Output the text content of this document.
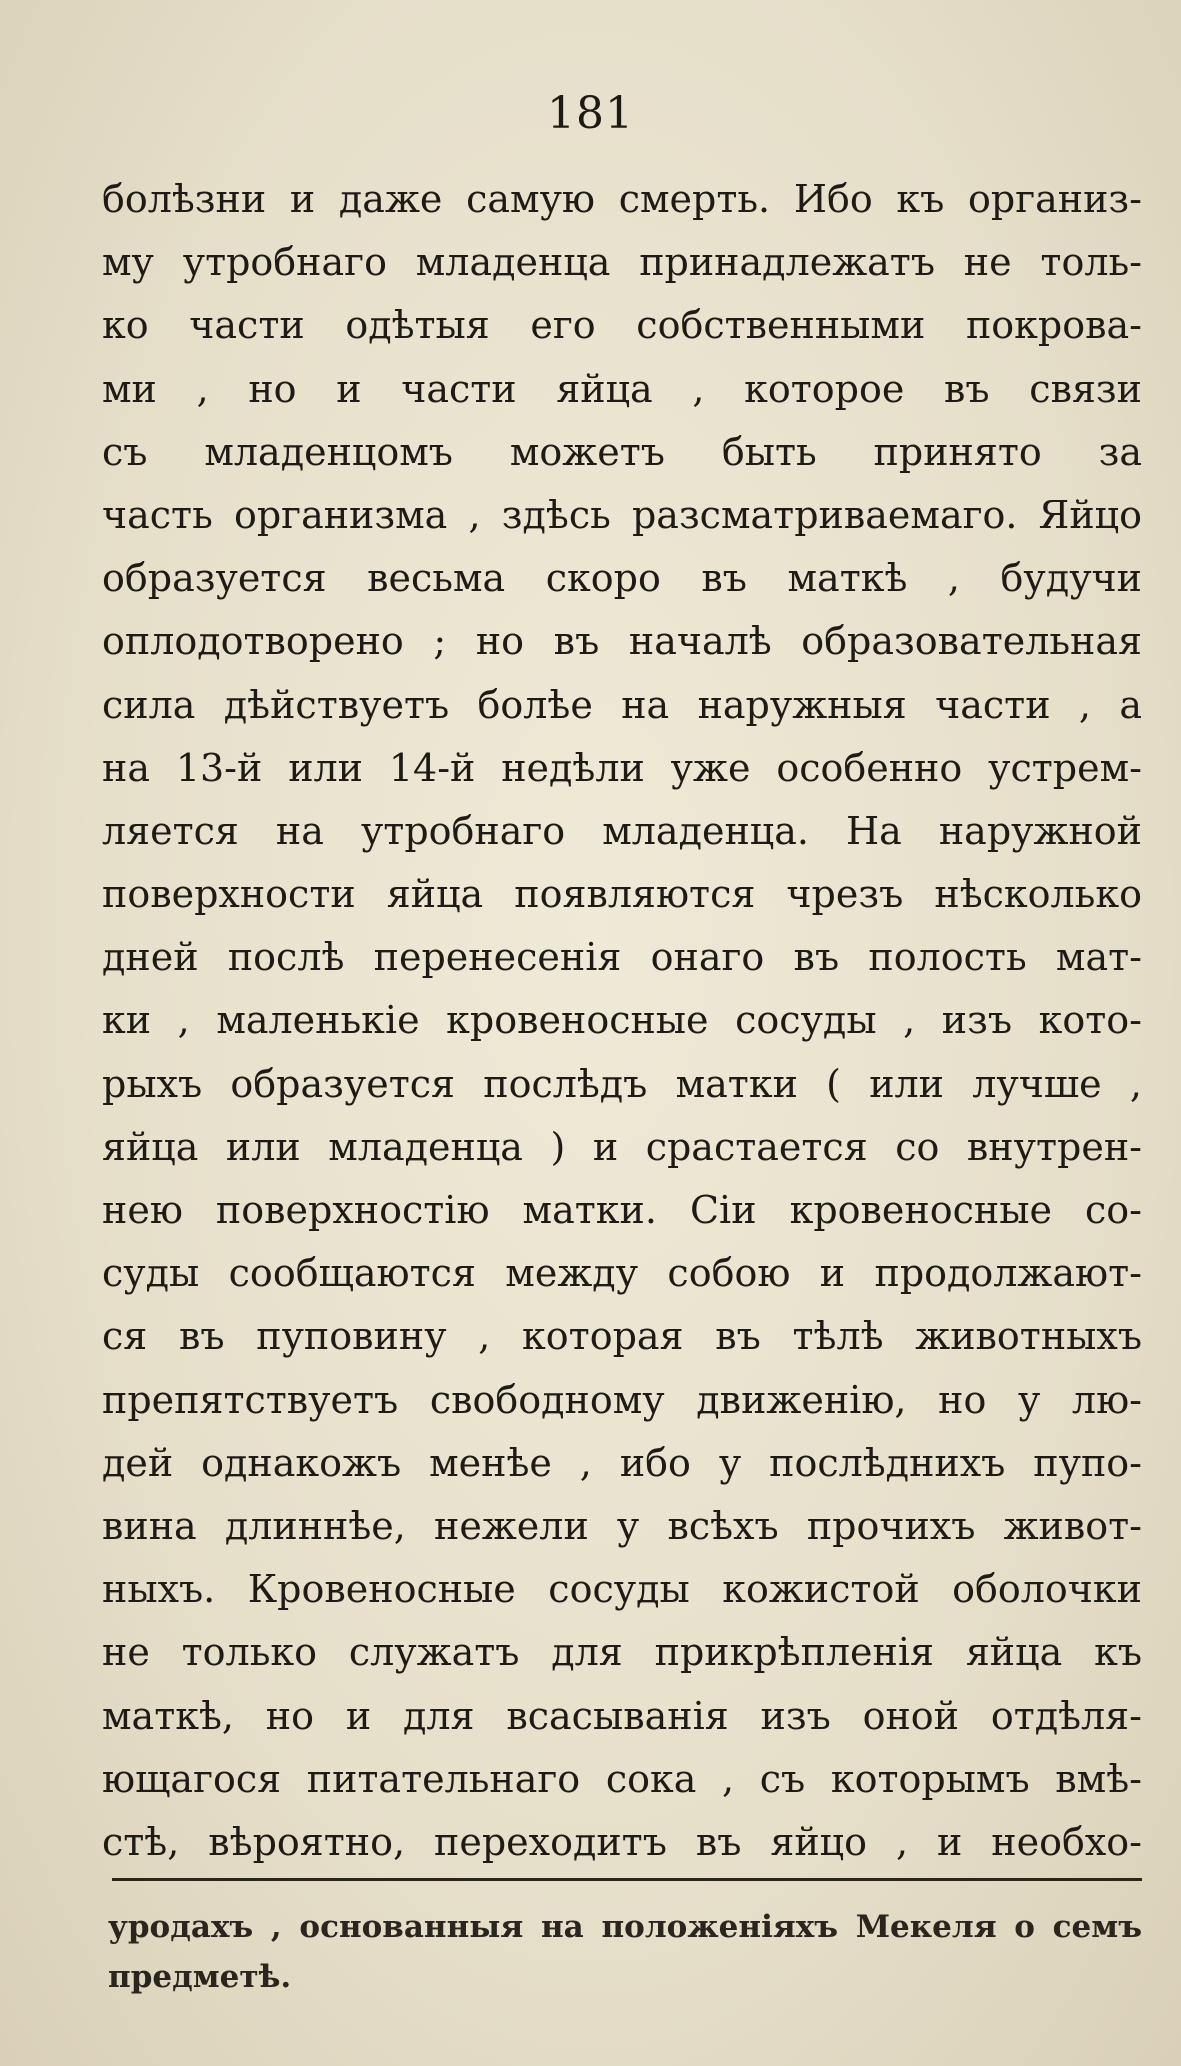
181
болѣзни и даже самую смерть. Ибо къ организ-
му утробнаго младенца принадлежатъ не толь-
ко части одѣтыя его собственными покрова-
ми , но и части яйца , которое въ связи
съ младенцомъ можетъ быть принято за
часть организма , здѣсь разсматриваемаго. Яйцо
образуется весьма скоро въ маткѣ , будучи
оплодотворено ; но въ началѣ образовательная
сила дѣйствуетъ болѣе на наружныя части , а
на 13-й или 14-й недѣли уже особенно устрем-
ляется на утробнаго младенца. На наружной
поверхности яйца появляются чрезъ нѣсколько
дней послѣ перенесенія онаго въ полость мат-
ки , маленькіе кровеносные сосуды , изъ кото-
рыхъ образуется послѣдъ матки ( или лучше ,
яйца или младенца ) и срастается со внутрен-
нею поверхностію матки. Сіи кровеносные со-
суды сообщаются между собою и продолжают-
ся въ пуповину , которая въ тѣлѣ животныхъ
препятствуетъ свободному движенію, но у лю-
дей однакожъ менѣе , ибо у послѣднихъ пупо-
вина длиннѣе, нежели у всѣхъ прочихъ живот-
ныхъ. Кровеносные сосуды кожистой оболочки
не только служатъ для прикрѣпленія яйца къ
маткѣ, но и для всасыванія изъ оной отдѣля-
ющагося питательнаго сока , съ которымъ вмѣ-
стѣ, вѣроятно, переходитъ въ яйцо , и необхо-
уродахъ , основанныя на положеніяхъ Мекеля о семъ
предметѣ.
